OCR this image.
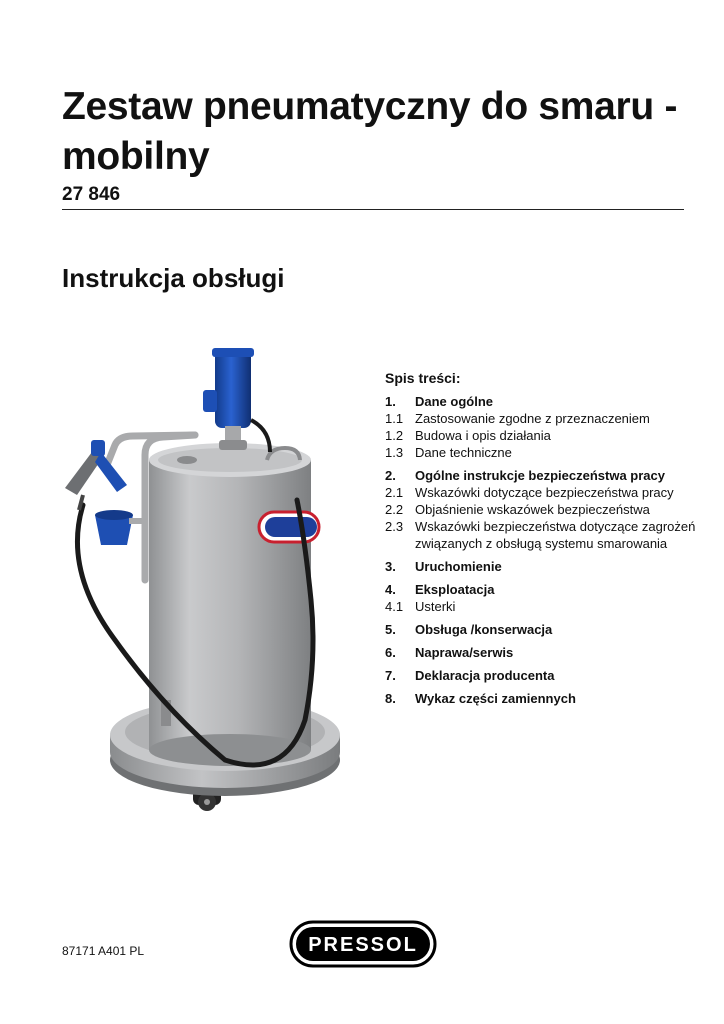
Zestaw pneumatyczny do smaru - mobilny
27 846
Instrukcja obsługi
Spis treści:
1.	Dane ogólne
1.1 Zastosowanie zgodne z przeznaczeniem
1.2 Budowa i opis działania
1.3 Dane techniczne
2.	Ogólne instrukcje bezpieczeństwa pracy
2.1 Wskazówki dotyczące bezpieczeństwa pracy
2.2 Objaśnienie wskazówek bezpieczeństwa
2.3 Wskazówki bezpieczeństwa dotyczące zagrożeń związanych z obsługą systemu smarowania
3.	Uruchomienie
4.	Eksploatacja
4.1 Usterki
5.	Obsługa /konserwacja
6.	Naprawa/serwis
7.	Deklaracja producenta
8.	Wykaz części zamiennych
87171 A401 PL	PRESSOL
